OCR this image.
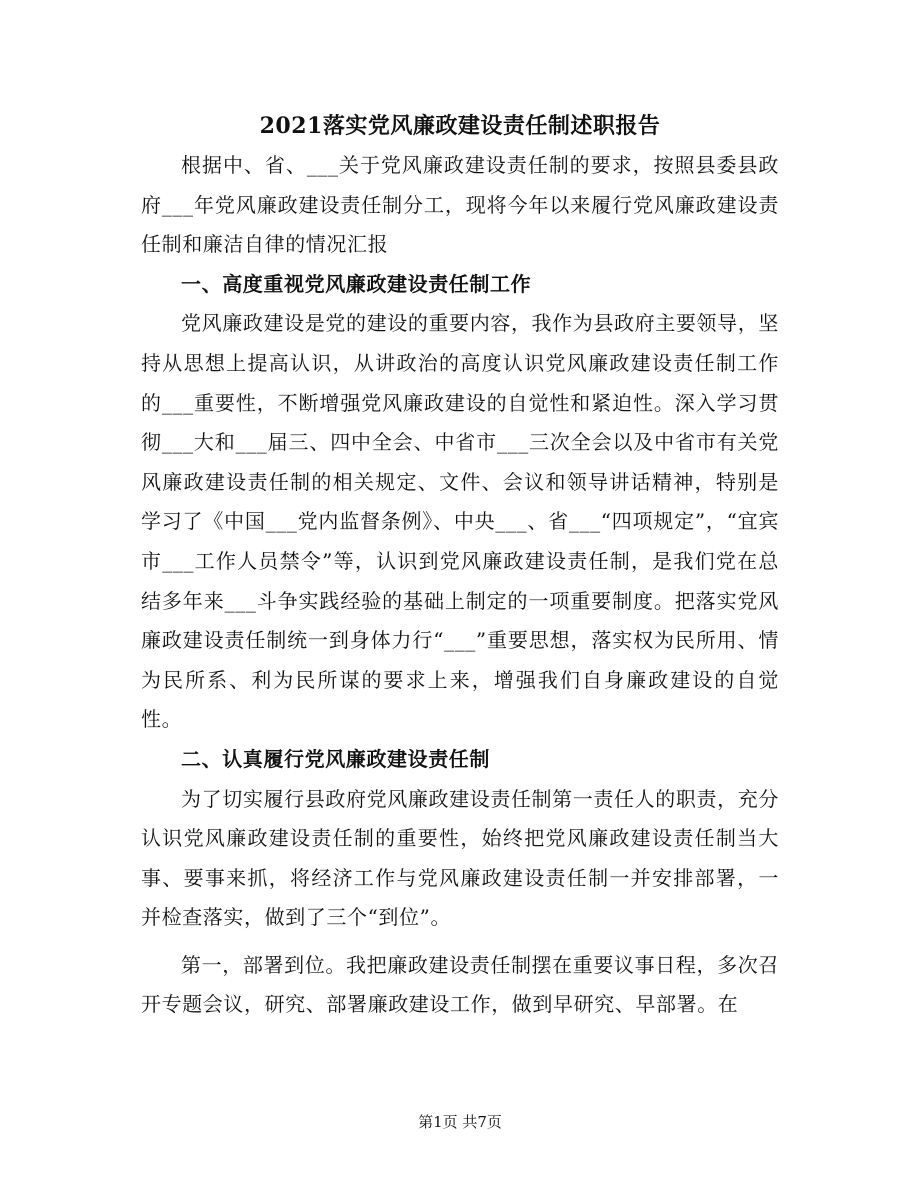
2021落实党风廉政建设责任制述职报告

根据中、省、___关于党风廉政建设责任制的要求，按照县委县政府___年党风廉政建设责任制分工，现将今年以来履行党风廉政建设责任制和廉洁自律的情况汇报

一、高度重视党风廉政建设责任制工作

党风廉政建设是党的建设的重要内容，我作为县政府主要领导，坚持从思想上提高认识，从讲政治的高度认识党风廉政建设责任制工作的___重要性，不断增强党风廉政建设的自觉性和紧迫性。深入学习贯彻___大和___届三、四中全会、中省市___三次全会以及中省市有关党风廉政建设责任制的相关规定、文件、会议和领导讲话精神，特别是学习了《中国___党内监督条例》、中央___、省___“四项规定”，“宜宾市___工作人员禁令”等，认识到党风廉政建设责任制，是我们党在总结多年来___斗争实践经验的基础上制定的一项重要制度。把落实党风廉政建设责任制统一到身体力行“___”重要思想，落实权为民所用、情为民所系、利为民所谋的要求上来，增强我们自身廉政建设的自觉性。

二、认真履行党风廉政建设责任制

为了切实履行县政府党风廉政建设责任制第一责任人的职责，充分认识党风廉政建设责任制的重要性，始终把党风廉政建设责任制当大事、要事来抓，将经济工作与党风廉政建设责任制一并安排部署，一并检查落实，做到了三个“到位”。

第一，部署到位。我把廉政建设责任制摆在重要议事日程，多次召开专题会议，研究、部署廉政建设工作，做到早研究、早部署。在

第1页 共7页
